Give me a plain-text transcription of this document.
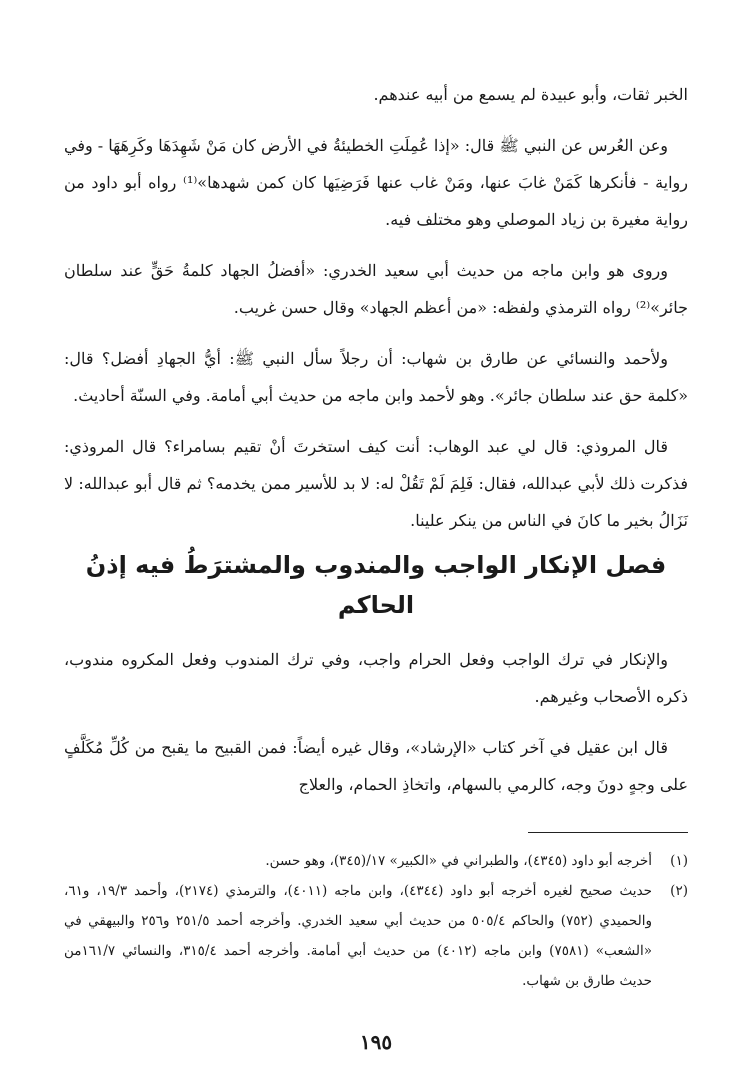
الخبر ثقات، وأبو عبيدة لم يسمع من أبيه عندهم.

وعن العُرس عن النبي ﷺ قال: «إذا عُمِلَتِ الخطيئةُ في الأرض كان مَنْ شَهِدَهَا وكَرِهَهَا - وفي رواية - فأنكرها كَمَنْ غابَ عنها، ومَنْ غاب عنها فَرَضِيَها كان كمن شهدها»⁽¹⁾ رواه أبو داود من رواية مغيرة بن زياد الموصلي وهو مختلف فيه.

وروى هو وابن ماجه من حديث أبي سعيد الخدري: «أفضلُ الجهاد كلمةُ حَقٍّ عند سلطان جائر»⁽²⁾ رواه الترمذي ولفظه: «من أعظم الجهاد» وقال حسن غريب.

ولأحمد والنسائي عن طارق بن شهاب: أن رجلاً سأل النبي ﷺ: أيُّ الجهادِ أفضل؟ قال: «كلمة حق عند سلطان جائر». وهو لأحمد وابن ماجه من حديث أبي أمامة. وفي السنّة أحاديث.

قال المروذي: قال لي عبد الوهاب: أنت كيف استخرتَ أنْ تقيم بسامراء؟ قال المروذي: فذكرت ذلك لأبي عبدالله، فقال: فَلِمَ لَمْ تَقُلْ له: لا بد للأسير ممن يخدمه؟ ثم قال أبو عبدالله: لا نَزَالُ بخير ما كانَ في الناس من ينكر علينا.

فصل الإنكار الواجب والمندوب والمشترَطُ فيه إذنُ الحاكم

والإنكار في ترك الواجب وفعل الحرام واجب، وفي ترك المندوب وفعل المكروه مندوب، ذكره الأصحاب وغيرهم.

قال ابن عقيل في آخر كتاب «الإرشاد»، وقال غيره أيضاً: فمن القبيح ما يقبح من كُلِّ مُكَلَّفٍ على وجهٍ دونَ وجه، كالرمي بالسهام، واتخاذِ الحمام، والعلاج

(١)
أخرجه أبو داود (٤٣٤٥)، والطبراني في «الكبير» ١٧/(٣٤٥)، وهو حسن.
(٢)
حديث صحيح لغيره أخرجه أبو داود (٤٣٤٤)، وابن ماجه (٤٠١١)، والترمذي (٢١٧٤)، وأحمد ١٩/٣، و٦١، والحميدي (٧٥٢) والحاكم ٥٠٥/٤ من حديث أبي سعيد الخدري. وأخرجه أحمد ٢٥١/٥ و٢٥٦ والبيهقي في «الشعب» (٧٥٨١) وابن ماجه (٤٠١٢) من حديث أبي أمامة. وأخرجه أحمد ٣١٥/٤، والنسائي ١٦١/٧من حديث طارق بن شهاب.
١٩٥
